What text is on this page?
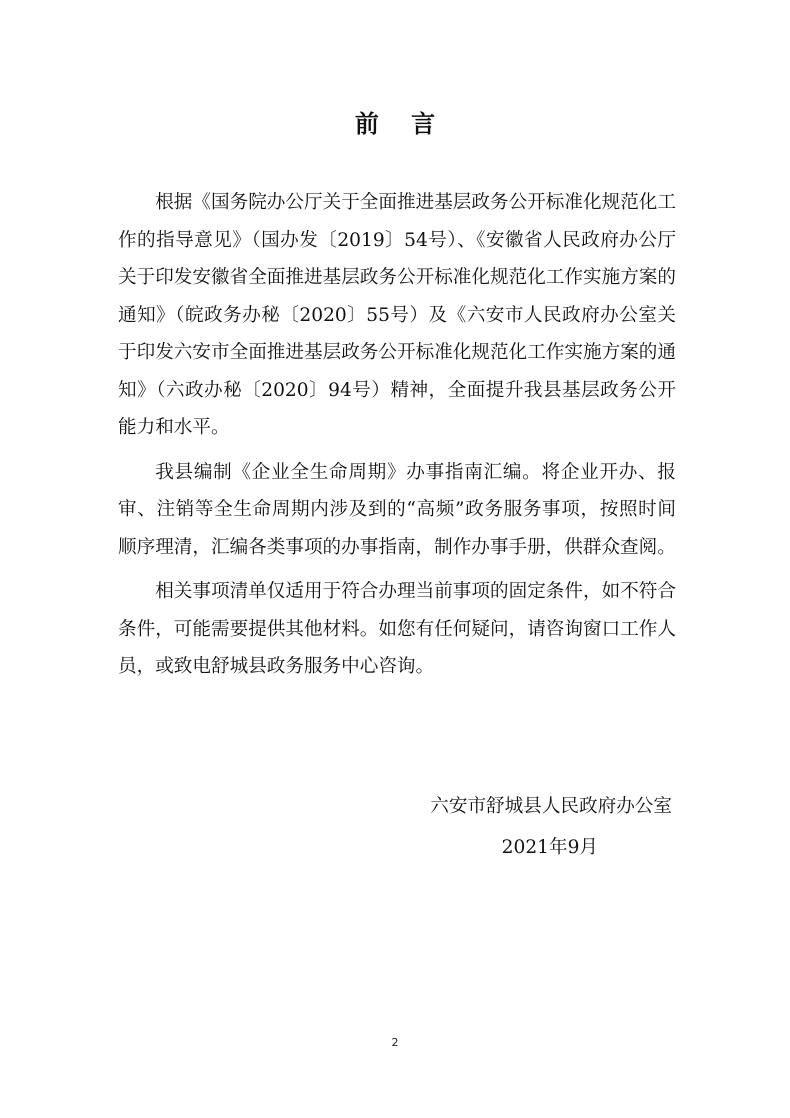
前 言

根据《国务院办公厅关于全面推进基层政务公开标准化规范化工作的指导意见》（国办发〔2019〕54号）、《安徽省人民政府办公厅关于印发安徽省全面推进基层政务公开标准化规范化工作实施方案的通知》（皖政务办秘〔2020〕55号）及《六安市人民政府办公室关于印发六安市全面推进基层政务公开标准化规范化工作实施方案的通知》（六政办秘〔2020〕94号）精神，全面提升我县基层政务公开能力和水平。

我县编制《企业全生命周期》办事指南汇编。将企业开办、报审、注销等全生命周期内涉及到的“高频”政务服务事项，按照时间顺序理清，汇编各类事项的办事指南，制作办事手册，供群众查阅。

相关事项清单仅适用于符合办理当前事项的固定条件，如不符合条件，可能需要提供其他材料。如您有任何疑问，请咨询窗口工作人员，或致电舒城县政务服务中心咨询。

六安市舒城县人民政府办公室
2021年9月
2
